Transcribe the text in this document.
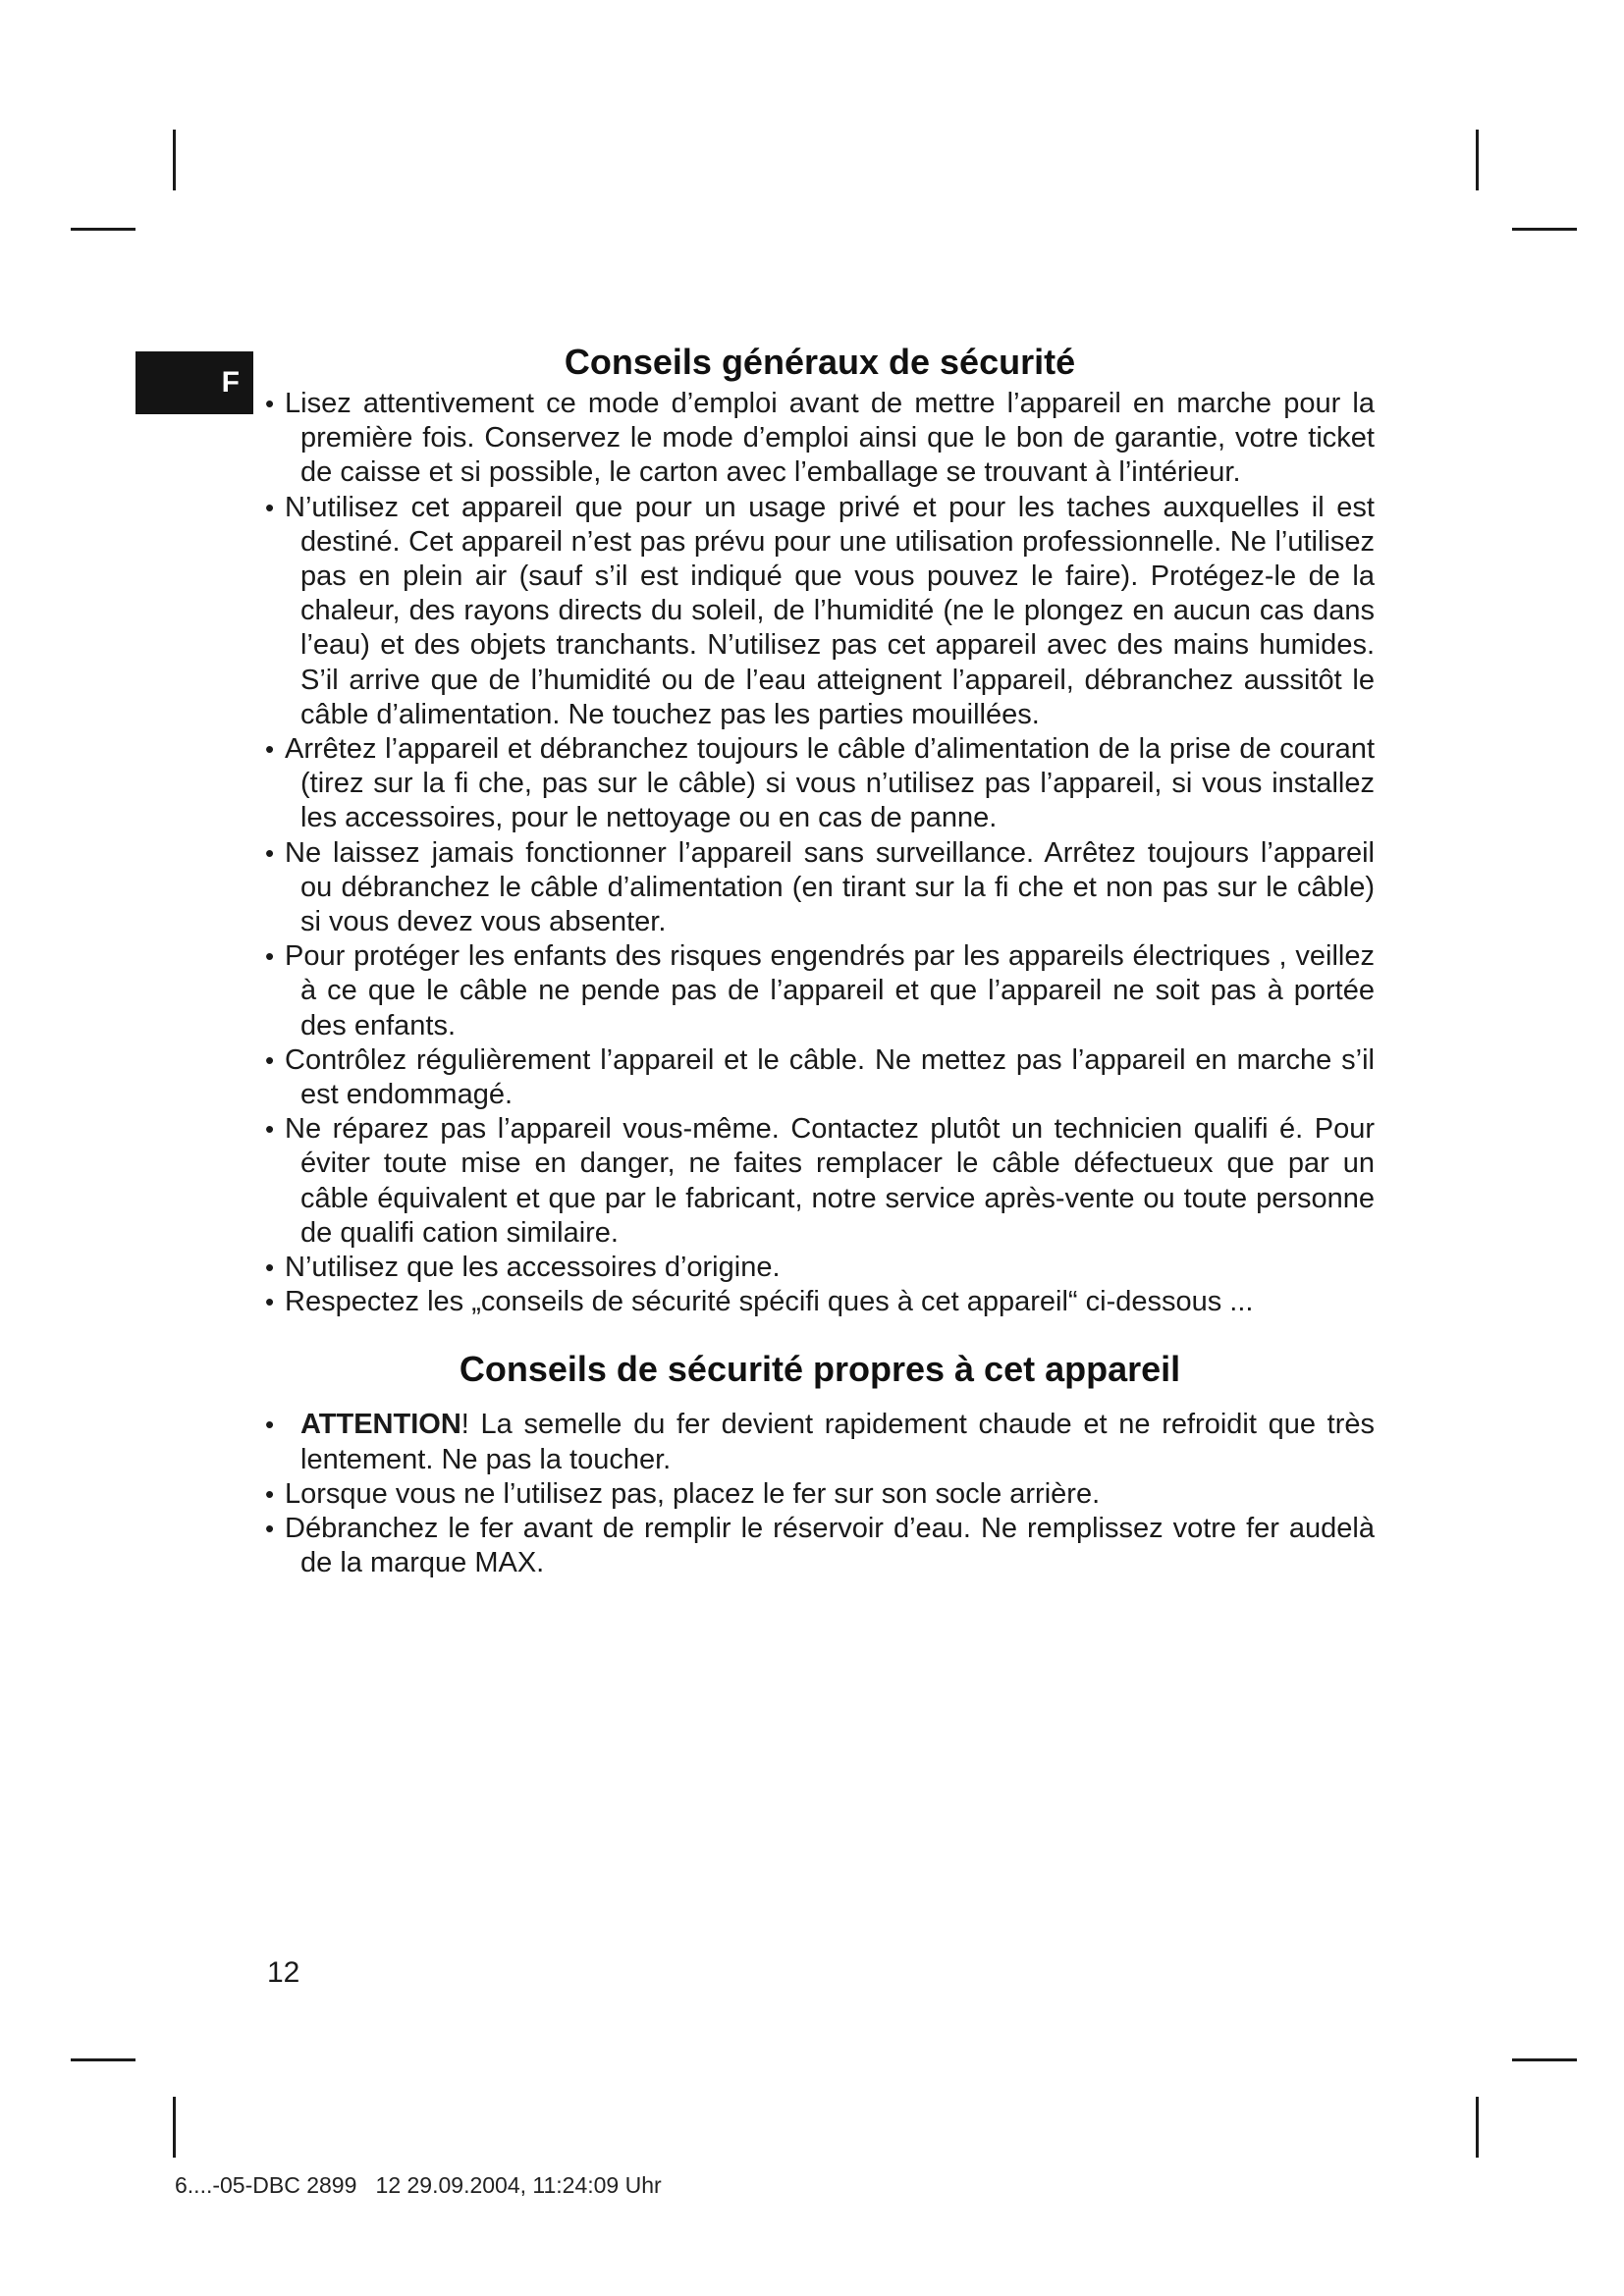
F
Conseils généraux de sécurité
• Lisez attentivement ce mode d’emploi avant de mettre l’appareil en marche pour la première fois. Conservez le mode d’emploi ainsi que le bon de garantie, votre ticket de caisse et si possible, le carton avec l’emballage se trouvant à l’intérieur.
• N’utilisez cet appareil que pour un usage privé et pour les taches auxquelles il est destiné. Cet appareil n’est pas prévu pour une utilisation professionnelle. Ne l’utilisez pas en plein air (sauf s’il est indiqué que vous pouvez le faire). Protégez-le de la chaleur, des rayons directs du soleil, de l’humidité (ne le plongez en aucun cas dans l’eau) et des objets tranchants. N’utilisez pas cet appareil avec des mains humides. S’il arrive que de l’humidité ou de l’eau atteignent l’appareil, débranchez aussitôt le câble d’alimentation. Ne touchez pas les parties mouillées.
• Arrêtez l’appareil et débranchez toujours le câble d’alimentation de la prise de courant (tirez sur la fi che, pas sur le câble) si vous n’utilisez pas l’appareil, si vous installez les accessoires, pour le nettoyage ou en cas de panne.
• Ne laissez jamais fonctionner l’appareil sans surveillance. Arrêtez toujours l’appareil ou débranchez le câble d’alimentation (en tirant sur la fi che et non pas sur le câble) si vous devez vous absenter.
• Pour protéger les enfants des risques engendrés par les appareils électriques , veillez à ce que le câble ne pende pas de l’appareil et que l’appareil ne soit pas à portée des enfants.
• Contrôlez régulièrement l’appareil et le câble. Ne mettez pas l’appareil en marche s’il est endommagé.
• Ne réparez pas l’appareil vous-même. Contactez plutôt un technicien qualifi é. Pour éviter toute mise en danger, ne faites remplacer le câble défectueux que par un câble équivalent et que par le fabricant, notre service après-vente ou toute personne de qualifi cation similaire.
• N’utilisez que les accessoires d’origine.
• Respectez les „conseils de sécurité spécifi ques à cet appareil“ ci-dessous ...
Conseils de sécurité propres à cet appareil
• ATTENTION! La semelle du fer devient rapidement chaude et ne refroidit que très lentement. Ne pas la toucher.
• Lorsque vous ne l’utilisez pas, placez le fer sur son socle arrière.
• Débranchez le fer avant de remplir le réservoir d’eau. Ne remplissez votre fer audelà de la marque MAX.
12
6....-05-DBC 2899   12 29.09.2004, 11:24:09 Uhr
